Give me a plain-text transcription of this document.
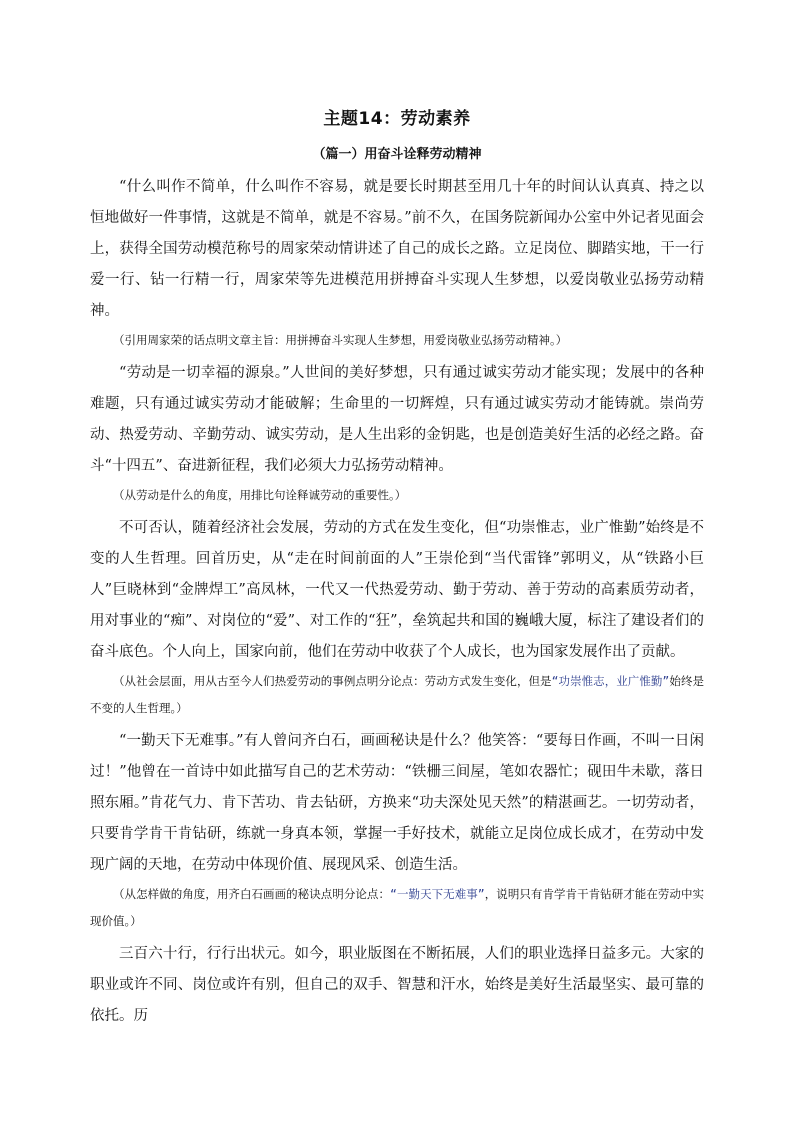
主题14：劳动素养
（篇一）用奋斗诠释劳动精神

“什么叫作不简单，什么叫作不容易，就是要长时期甚至用几十年的时间认认真真、持之以恒地做好一件事情，这就是不简单，就是不容易。”前不久，在国务院新闻办公室中外记者见面会上，获得全国劳动模范称号的周家荣动情讲述了自己的成长之路。立足岗位、脚踏实地，干一行爱一行、钻一行精一行，周家荣等先进模范用拼搏奋斗实现人生梦想，以爱岗敬业弘扬劳动精神。

（引用周家荣的话点明文章主旨：用拼搏奋斗实现人生梦想，用爱岗敬业弘扬劳动精神。）

“劳动是一切幸福的源泉。”人世间的美好梦想，只有通过诚实劳动才能实现；发展中的各种难题，只有通过诚实劳动才能破解；生命里的一切辉煌，只有通过诚实劳动才能铸就。崇尚劳动、热爱劳动、辛勤劳动、诚实劳动，是人生出彩的金钥匙，也是创造美好生活的必经之路。奋斗“十四五”、奋进新征程，我们必须大力弘扬劳动精神。

（从劳动是什么的角度，用排比句诠释诚劳动的重要性。）

不可否认，随着经济社会发展，劳动的方式在发生变化，但“功崇惟志，业广惟勤”始终是不变的人生哲理。回首历史，从“走在时间前面的人”王崇伦到“当代雷锋”郭明义，从“铁路小巨人”巨晓林到“金牌焊工”高凤林，一代又一代热爱劳动、勤于劳动、善于劳动的高素质劳动者，用对事业的“痴”、对岗位的“爱”、对工作的“狂”，垒筑起共和国的巍峨大厦，标注了建设者们的奋斗底色。个人向上，国家向前，他们在劳动中收获了个人成长，也为国家发展作出了贡献。

（从社会层面，用从古至今人们热爱劳动的事例点明分论点：劳动方式发生变化，但是“功崇惟志，业广惟勤”始终是不变的人生哲理。）

“一勤天下无难事。”有人曾问齐白石，画画秘诀是什么？他笑答：“要每日作画，不叫一日闲过！”他曾在一首诗中如此描写自己的艺术劳动：“铁栅三间屋，笔如农器忙；砚田牛未歇，落日照东厢。”肯花气力、肯下苦功、肯去钻研，方换来“功夫深处见天然”的精湛画艺。一切劳动者，只要肯学肯干肯钻研，练就一身真本领，掌握一手好技术，就能立足岗位成长成才，在劳动中发现广阔的天地，在劳动中体现价值、展现风采、创造生活。

（从怎样做的角度，用齐白石画画的秘诀点明分论点：“一勤天下无难事”，说明只有肯学肯干肯钻研才能在劳动中实现价值。）

三百六十行，行行出状元。如今，职业版图在不断拓展，人们的职业选择日益多元。大家的职业或许不同、岗位或许有别，但自己的双手、智慧和汗水，始终是美好生活最坚实、最可靠的依托。历
